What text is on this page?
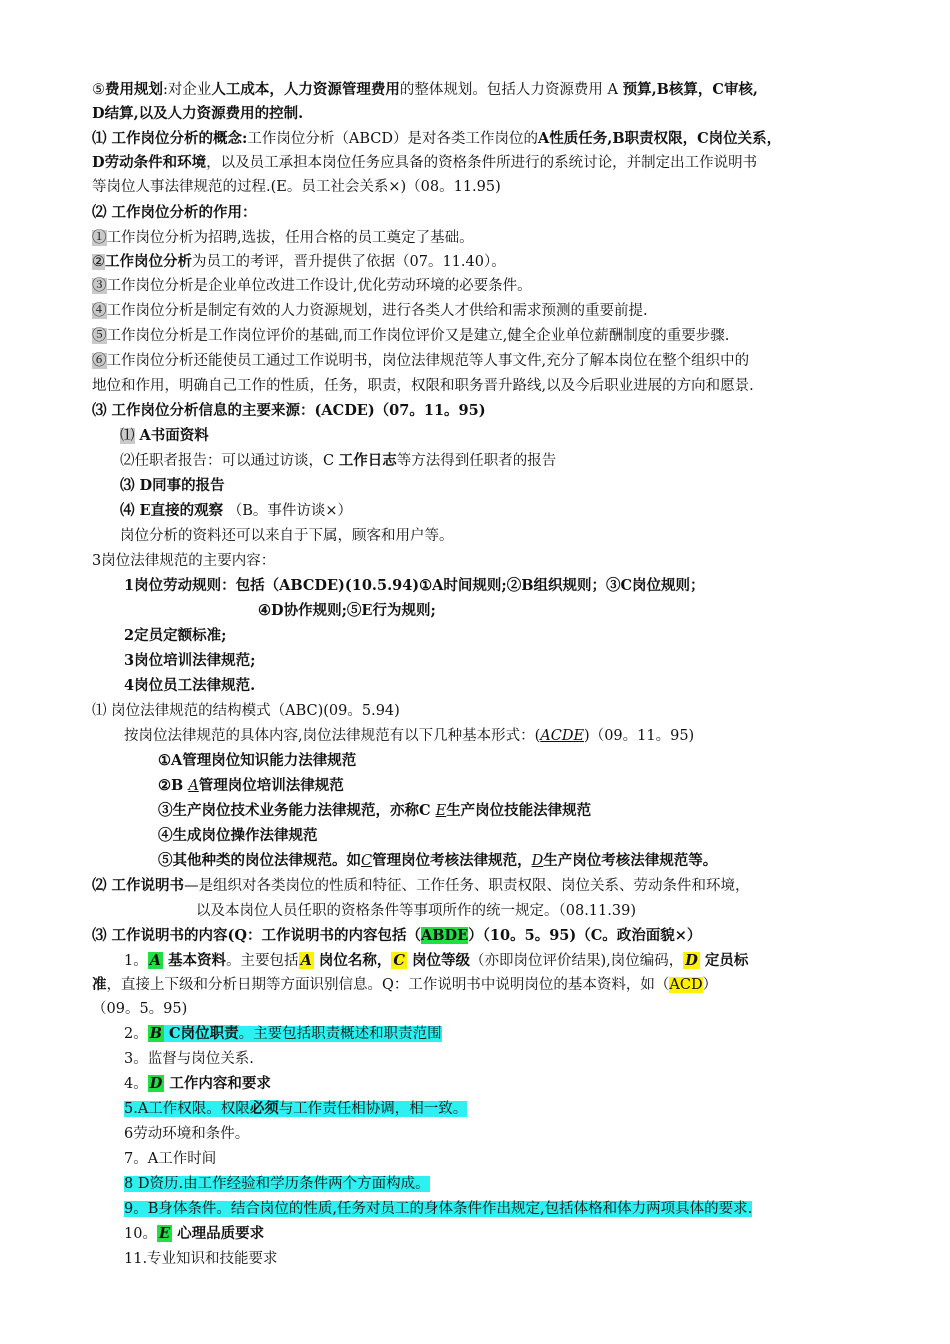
⑤费用规划:对企业人工成本，人力资源管理费用的整体规划。包括人力资源费用 A 预算,B核算，C审核,
D结算,以及人力资源费用的控制.
⑴ 工作岗位分析的概念:工作岗位分析（ABCD）是对各类工作岗位的A性质任务,B职责权限，C岗位关系，
D劳动条件和环境，以及员工承担本岗位任务应具备的资格条件所进行的系统讨论，并制定出工作说明书
等岗位人事法律规范的过程.(E。员工社会关系×)（08。11.95)
⑵ 工作岗位分析的作用：
①工作岗位分析为招聘,选拔，任用合格的员工奠定了基础。
②工作岗位分析为员工的考评，晋升提供了依据（07。11.40）。
③工作岗位分析是企业单位改进工作设计,优化劳动环境的必要条件。
④工作岗位分析是制定有效的人力资源规划，进行各类人才供给和需求预测的重要前提.
⑤工作岗位分析是工作岗位评价的基础,而工作岗位评价又是建立,健全企业单位薪酬制度的重要步骤.
⑥工作岗位分析还能使员工通过工作说明书，岗位法律规范等人事文件,充分了解本岗位在整个组织中的
地位和作用，明确自己工作的性质，任务，职责，权限和职务晋升路线,以及今后职业进展的方向和愿景.
⑶ 工作岗位分析信息的主要来源：(ACDE)（07。11。95)
⑴ A书面资料
⑵任职者报告：可以通过访谈，C 工作日志等方法得到任职者的报告
⑶ D同事的报告
⑷ E直接的观察 （B。事件访谈×）
岗位分析的资料还可以来自于下属，顾客和用户等。
3岗位法律规范的主要内容：
1岗位劳动规则：包括（ABCDE)(10.5.94)①A时间规则;②B组织规则；③C岗位规则；
④D协作规则;⑤E行为规则;
2定员定额标准;
3岗位培训法律规范;
4岗位员工法律规范.
⑴ 岗位法律规范的结构模式（ABC)(09。5.94)
按岗位法律规范的具体内容,岗位法律规范有以下几种基本形式：(ACDE)（09。11。95)
①A管理岗位知识能力法律规范
②B A管理岗位培训法律规范
③生产岗位技术业务能力法律规范，亦称C E生产岗位技能法律规范
④生成岗位操作法律规范
⑤其他种类的岗位法律规范。如C管理岗位考核法律规范，D生产岗位考核法律规范等。
⑵ 工作说明书—是组织对各类岗位的性质和特征、工作任务、职责权限、岗位关系、劳动条件和环境，
以及本岗位人员任职的资格条件等事项所作的统一规定。（08.11.39)
⑶ 工作说明书的内容(Q：工作说明书的内容包括（ABDE）（10。5。95)（C。政治面貌×）
1。 A 基本资料。主要包括 A 岗位名称， C 岗位等级（亦即岗位评价结果),岗位编码， D 定员标
准，直接上下级和分析日期等方面识别信息。Q：工作说明书中说明岗位的基本资料，如（ACD）
（09。5。95)
2。 B C岗位职责。主要包括职责概述和职责范围
3。监督与岗位关系.
4。 D 工作内容和要求
5.A工作权限。权限必须与工作责任相协调，相一致。
6劳动环境和条件。
7。A工作时间
8 D资历.由工作经验和学历条件两个方面构成。
9。B身体条件。结合岗位的性质,任务对员工的身体条件作出规定,包括体格和体力两项具体的要求.
10。 E 心理品质要求
11.专业知识和技能要求
